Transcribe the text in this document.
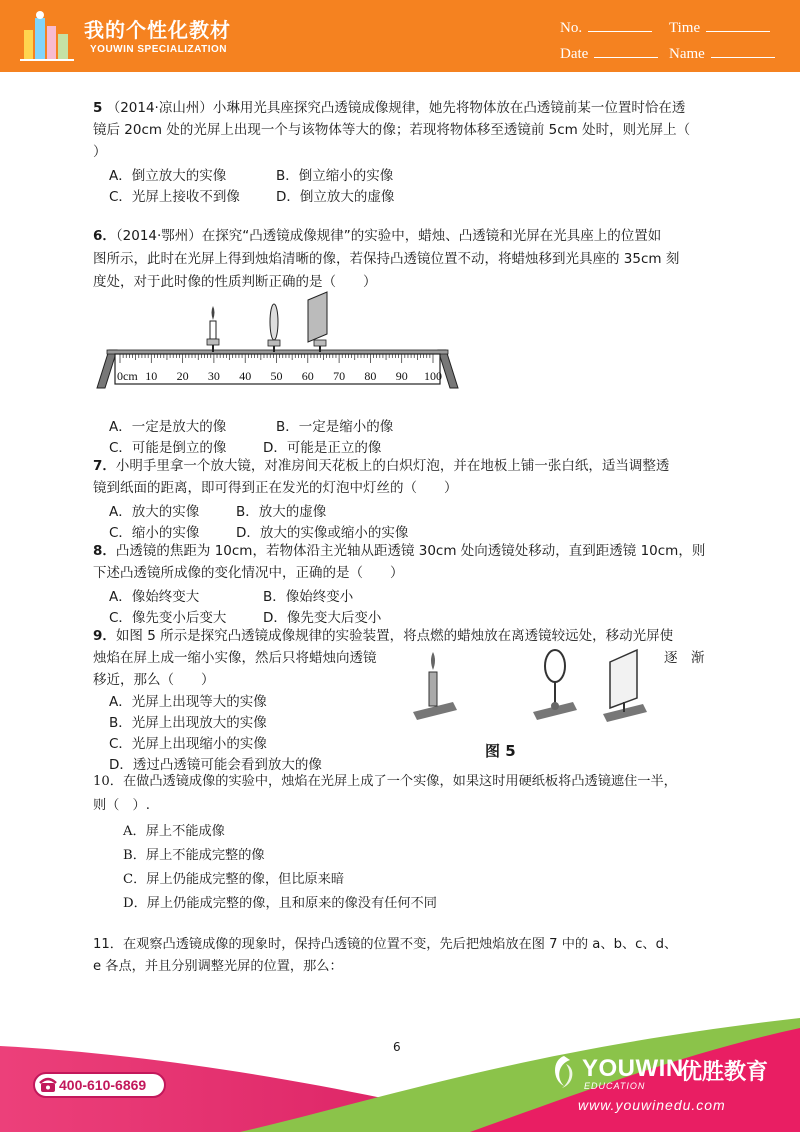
我的个性化教材
YOUWIN SPECIALIZATION
No.	Time
Date	Name
5 （2014·凉山州）小琳用光具座探究凸透镜成像规律，她先将物体放在凸透镜前某一位置时恰在透
镜后 20cm 处的光屏上出现一个与该物体等大的像；若现将物体移至透镜前 5cm 处时，则光屏上（
）
A．倒立放大的实像	B．倒立缩小的实像
C．光屏上接收不到像	D．倒立放大的虚像
6．（2014·鄂州）在探究“凸透镜成像规律”的实验中，蜡烛、凸透镜和光屏在光具座上的位置如
图所示，此时在光屏上得到烛焰清晰的像，若保持凸透镜位置不动，将蜡烛移到光具座的 35cm 刻
度处，对于此时像的性质判断正确的是（　　）
0cm 10 20 30 40 50 60 70 80 90 100
A．一定是放大的像	B．一定是缩小的像
C．可能是倒立的像	D．可能是正立的像
7．小明手里拿一个放大镜，对准房间天花板上的白炽灯泡，并在地板上铺一张白纸，适当调整透
镜到纸面的距离，即可得到正在发光的灯泡中灯丝的（　　）
A．放大的实像	B．放大的虚像
C．缩小的实像	D．放大的实像或缩小的实像
8．凸透镜的焦距为 10cm，若物体沿主光轴从距透镜 30cm 处向透镜处移动，直到距透镜 10cm，则
下述凸透镜所成像的变化情况中，正确的是（　　）
A．像始终变大	B．像始终变小
C．像先变小后变大	D．像先变大后变小
9．如图 5 所示是探究凸透镜成像规律的实验装置，将点燃的蜡烛放在离透镜较远处，移动光屏使
烛焰在屏上成一缩小实像，然后只将蜡烛向透镜	逐　渐
移近，那么（　　）
图 5
A．光屏上出现等大的实像
B．光屏上出现放大的实像
C．光屏上出现缩小的实像
D．透过凸透镜可能会看到放大的像
10．在做凸透镜成像的实验中，烛焰在光屏上成了一个实像，如果这时用硬纸板将凸透镜遮住一半，
则（　）.
A．屏上不能成像
B．屏上不能成完整的像
C．屏上仍能成完整的像，但比原来暗
D．屏上仍能成完整的像，且和原来的像没有任何不同
11．在观察凸透镜成像的现象时，保持凸透镜的位置不变，先后把烛焰放在图 7 中的 a、b、c、d、
e 各点，并且分别调整光屏的位置，那么：
6
400-610-6869
YOUWIN
EDUCATION
优胜教育
www.youwinedu.com
